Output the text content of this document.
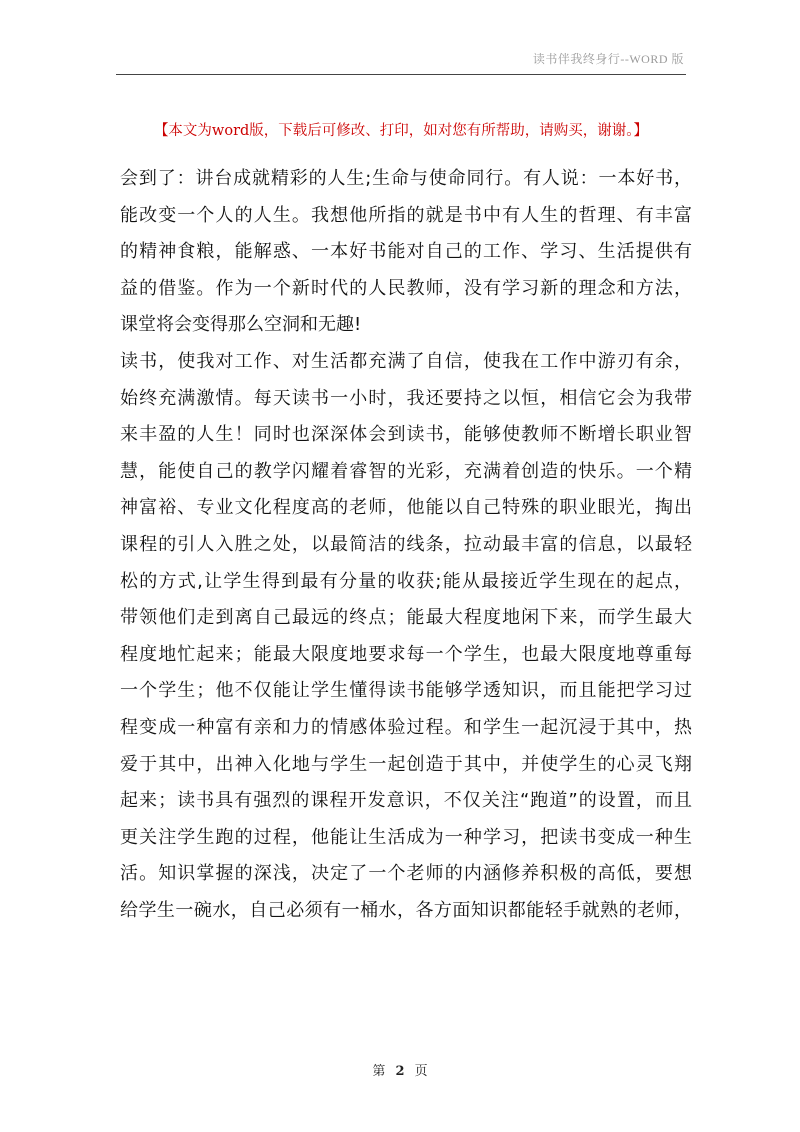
读书伴我终身行--WORD 版
【本文为word版，下载后可修改、打印，如对您有所帮助，请购买，谢谢。】
会到了：讲台成就精彩的人生;生命与使命同行。有人说：一本好书，
能改变一个人的人生。我想他所指的就是书中有人生的哲理、有丰富
的精神食粮，能解惑、一本好书能对自己的工作、学习、生活提供有
益的借鉴。作为一个新时代的人民教师，没有学习新的理念和方法，
课堂将会变得那么空洞和无趣!
读书，使我对工作、对生活都充满了自信，使我在工作中游刃有余，
始终充满激情。每天读书一小时，我还要持之以恒，相信它会为我带
来丰盈的人生！同时也深深体会到读书，能够使教师不断增长职业智
慧，能使自己的教学闪耀着睿智的光彩，充满着创造的快乐。一个精
神富裕、专业文化程度高的老师，他能以自己特殊的职业眼光，掏出
课程的引人入胜之处，以最简洁的线条，拉动最丰富的信息，以最轻
松的方式,让学生得到最有分量的收获;能从最接近学生现在的起点，
带领他们走到离自己最远的终点；能最大程度地闲下来，而学生最大
程度地忙起来；能最大限度地要求每一个学生，也最大限度地尊重每
一个学生；他不仅能让学生懂得读书能够学透知识，而且能把学习过
程变成一种富有亲和力的情感体验过程。和学生一起沉浸于其中，热
爱于其中，出神入化地与学生一起创造于其中，并使学生的心灵飞翔
起来；读书具有强烈的课程开发意识，不仅关注“跑道”的设置，而且
更关注学生跑的过程，他能让生活成为一种学习，把读书变成一种生
活。知识掌握的深浅，决定了一个老师的内涵修养积极的高低，要想
给学生一碗水，自己必须有一桶水，各方面知识都能轻手就熟的老师，
第 2 页
